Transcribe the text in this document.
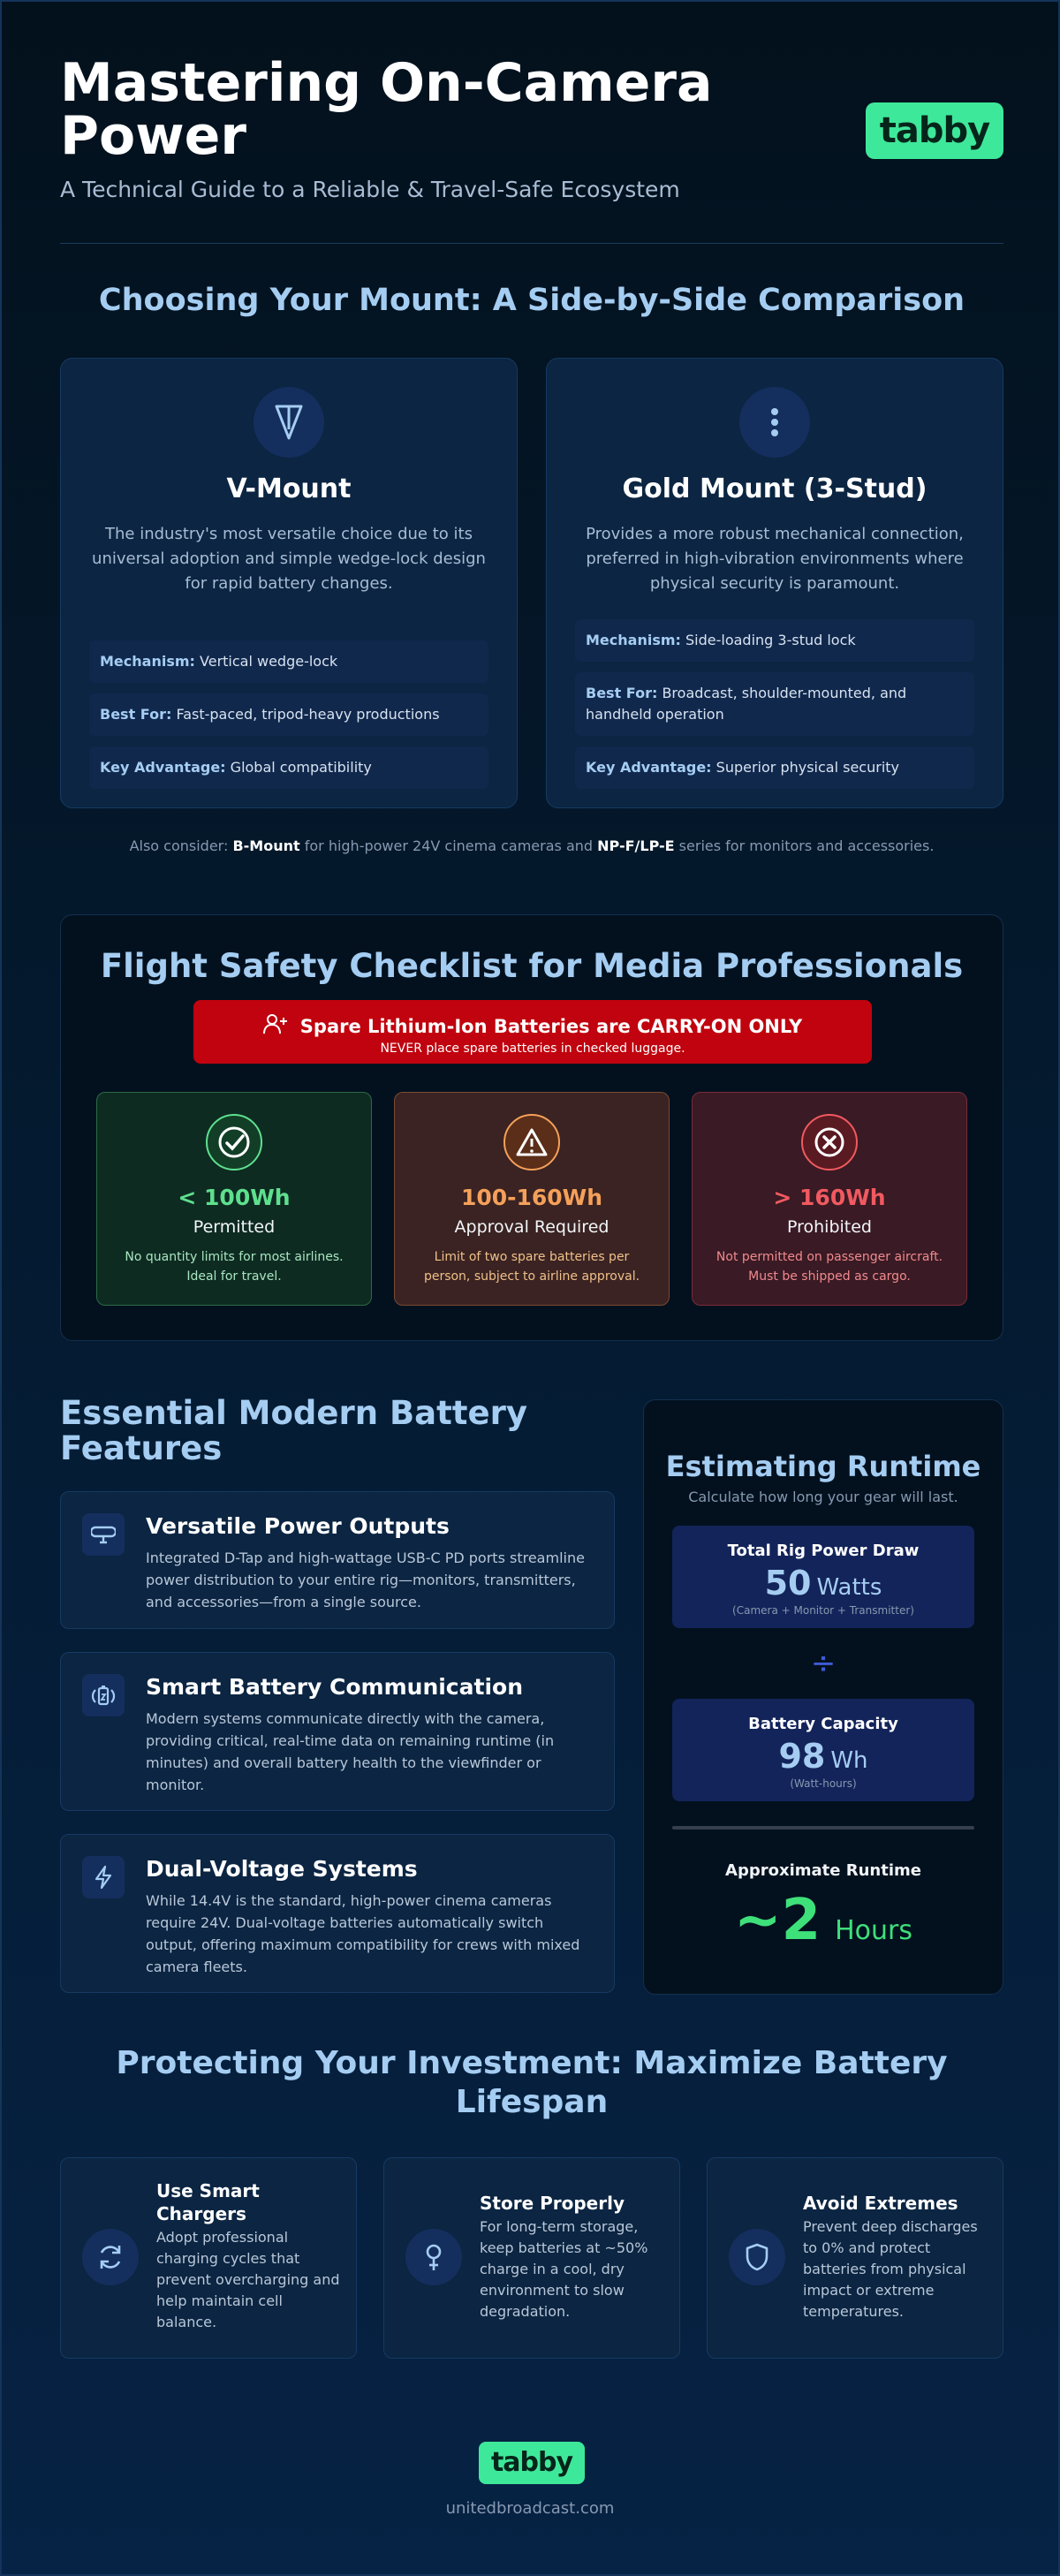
Mastering On-Camera Power
A Technical Guide to a Reliable & Travel-Safe Ecosystem
tabby
Choosing Your Mount: A Side-by-Side Comparison
V-Mount
The industry's most versatile choice due to its universal adoption and simple wedge-lock design for rapid battery changes.
Mechanism: Vertical wedge-lock
Best For: Fast-paced, tripod-heavy productions
Key Advantage: Global compatibility
Gold Mount (3-Stud)
Provides a more robust mechanical connection, preferred in high-vibration environments where physical security is paramount.
Mechanism: Side-loading 3-stud lock
Best For: Broadcast, shoulder-mounted, and handheld operation
Key Advantage: Superior physical security
Also consider: B-Mount for high-power 24V cinema cameras and NP-F/LP-E series for monitors and accessories.
Flight Safety Checklist for Media Professionals
Spare Lithium-Ion Batteries are CARRY-ON ONLY
NEVER place spare batteries in checked luggage.
< 100Wh
Permitted
No quantity limits for most airlines. Ideal for travel.
100-160Wh
Approval Required
Limit of two spare batteries per person, subject to airline approval.
> 160Wh
Prohibited
Not permitted on passenger aircraft. Must be shipped as cargo.
Essential Modern Battery Features
Versatile Power Outputs

Integrated D-Tap and high-wattage USB-C PD ports streamline power distribution to your entire rig—monitors, transmitters, and accessories—from a single source.

Smart Battery Communication

Modern systems communicate directly with the camera, providing critical, real-time data on remaining runtime (in minutes) and overall battery health to the viewfinder or monitor.

Dual-Voltage Systems

While 14.4V is the standard, high-power cinema cameras require 24V. Dual-voltage batteries automatically switch output, offering maximum compatibility for crews with mixed camera fleets.

Estimating Runtime
Calculate how long your gear will last.
Total Rig Power Draw
50 Watts
(Camera + Monitor + Transmitter)
÷
Battery Capacity
98 Wh
(Watt-hours)
Approximate Runtime
~2 Hours
Protecting Your Investment: Maximize Battery Lifespan
Use Smart Chargers

Adopt professional charging cycles that prevent overcharging and help maintain cell balance.

Store Properly

For long-term storage, keep batteries at ~50% charge in a cool, dry environment to slow degradation.

Avoid Extremes

Prevent deep discharges to 0% and protect batteries from physical impact or extreme temperatures.

tabby
unitedbroadcast.com
